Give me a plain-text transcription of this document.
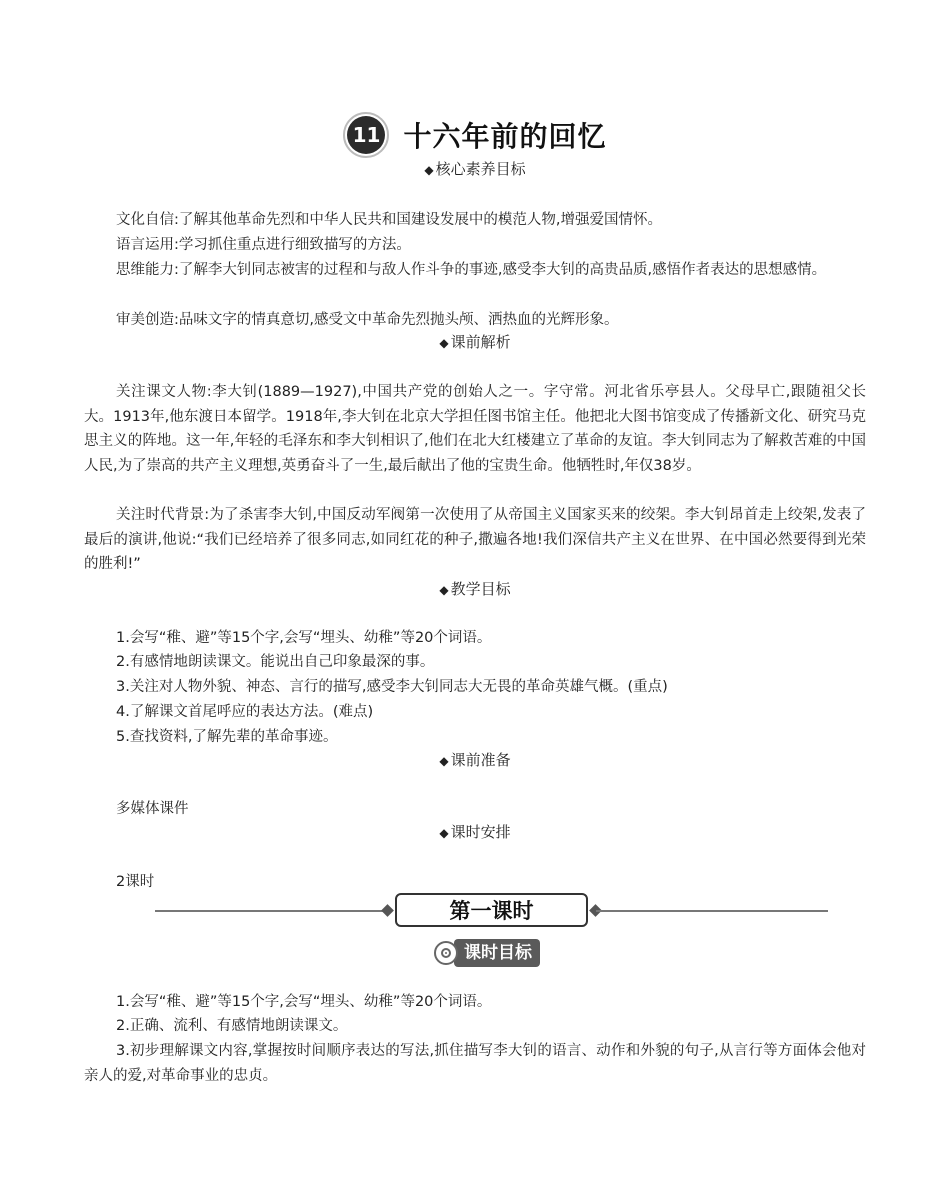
11 十六年前的回忆
◆ 核心素养目标
文化自信:了解其他革命先烈和中华人民共和国建设发展中的模范人物,增强爱国情怀。
语言运用:学习抓住重点进行细致描写的方法。
思维能力:了解李大钊同志被害的过程和与敌人作斗争的事迹,感受李大钊的高贵品质,感悟作者表达的思想感情。
审美创造:品味文字的情真意切,感受文中革命先烈抛头颅、洒热血的光辉形象。
◆ 课前解析
关注课文人物:李大钊(1889—1927),中国共产党的创始人之一。字守常。河北省乐亭县人。父母早亡,跟随祖父长大。1913年,他东渡日本留学。1918年,李大钊在北京大学担任图书馆主任。他把北大图书馆变成了传播新文化、研究马克思主义的阵地。这一年,年轻的毛泽东和李大钊相识了,他们在北大红楼建立了革命的友谊。李大钊同志为了解救苦难的中国人民,为了崇高的共产主义理想,英勇奋斗了一生,最后献出了他的宝贵生命。他牺牲时,年仅38岁。
关注时代背景:为了杀害李大钊,中国反动军阀第一次使用了从帝国主义国家买来的绞架。李大钊昂首走上绞架,发表了最后的演讲,他说:“我们已经培养了很多同志,如同红花的种子,撒遍各地!我们深信共产主义在世界、在中国必然要得到光荣的胜利!”
◆ 教学目标
1.会写“稚、避”等15个字,会写“埋头、幼稚”等20个词语。
2.有感情地朗读课文。能说出自己印象最深的事。
3.关注对人物外貌、神态、言行的描写,感受李大钊同志大无畏的革命英雄气概。(重点)
4.了解课文首尾呼应的表达方法。(难点)
5.查找资料,了解先辈的革命事迹。
◆ 课前准备
多媒体课件
◆ 课时安排
2课时
第一课时
课时目标
1.会写“稚、避”等15个字,会写“埋头、幼稚”等20个词语。
2.正确、流利、有感情地朗读课文。
3.初步理解课文内容,掌握按时间顺序表达的写法,抓住描写李大钊的语言、动作和外貌的句子,从言行等方面体会他对亲人的爱,对革命事业的忠贞。
